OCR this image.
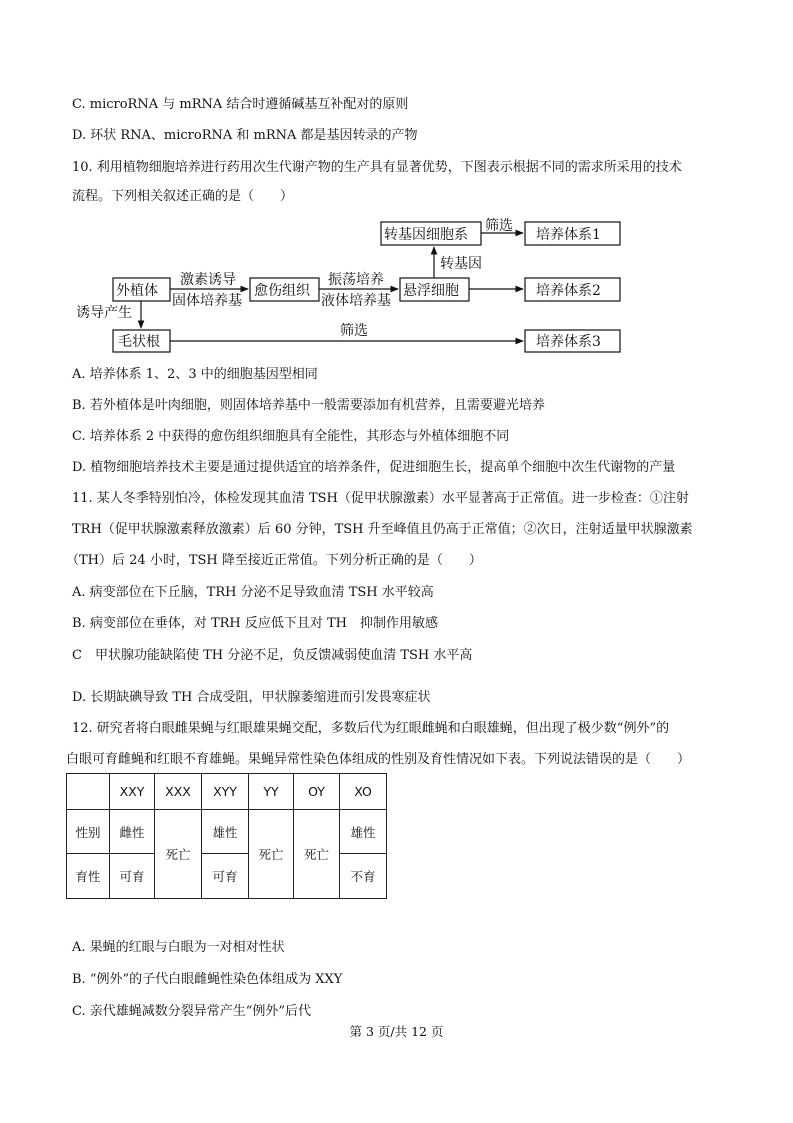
C. microRNA 与 mRNA 结合时遵循碱基互补配对的原则
D. 环状 RNA、microRNA 和 mRNA 都是基因转录的产物
10. 利用植物细胞培养进行药用次生代谢产物的生产具有显著优势，下图表示根据不同的需求所采用的技术
流程。下列相关叙述正确的是（　　）
转基因细胞系
筛选
培养体系1
转基因
外植体
激素诱导
固体培养基
愈伤组织
振荡培养
液体培养基
悬浮细胞	培养体系2
诱导产生
毛状根
筛选
培养体系3
A. 培养体系 1、2、3 中的细胞基因型相同
B. 若外植体是叶肉细胞，则固体培养基中一般需要添加有机营养，且需要避光培养
C. 培养体系 2 中获得的愈伤组织细胞具有全能性，其形态与外植体细胞不同
D. 植物细胞培养技术主要是通过提供适宜的培养条件，促进细胞生长，提高单个细胞中次生代谢物的产量
11. 某人冬季特别怕冷，体检发现其血清 TSH（促甲状腺激素）水平显著高于正常值。进一步检查：①注射
TRH（促甲状腺激素释放激素）后 60 分钟，TSH 升至峰值且仍高于正常值；②次日，注射适量甲状腺激素
（TH）后 24 小时，TSH 降至接近正常值。下列分析正确的是（　　）
A. 病变部位在下丘脑，TRH 分泌不足导致血清 TSH 水平较高
B. 病变部位在垂体，对 TRH 反应低下且对 TH　抑制作用敏感
C　甲状腺功能缺陷使 TH 分泌不足，负反馈减弱使血清 TSH 水平高
D. 长期缺碘导致 TH 合成受阻，甲状腺萎缩进而引发畏寒症状
12. 研究者将白眼雌果蝇与红眼雄果蝇交配，多数后代为红眼雌蝇和白眼雄蝇，但出现了极少数“例外”的
白眼可育雌蝇和红眼不育雄蝇。果蝇异常性染色体组成的性别及育性情况如下表。下列说法错误的是（　　）
	XXY	XXX	XYY	YY	OY	XO
性别	雌性	死亡	雄性	死亡	死亡	雄性
育性	可育		可育			不育
A. 果蝇的红眼与白眼为一对相对性状
B. “例外”的子代白眼雌蝇性染色体组成为 XXY
C. 亲代雄蝇减数分裂异常产生“例外”后代
第 3 页/共 12 页
